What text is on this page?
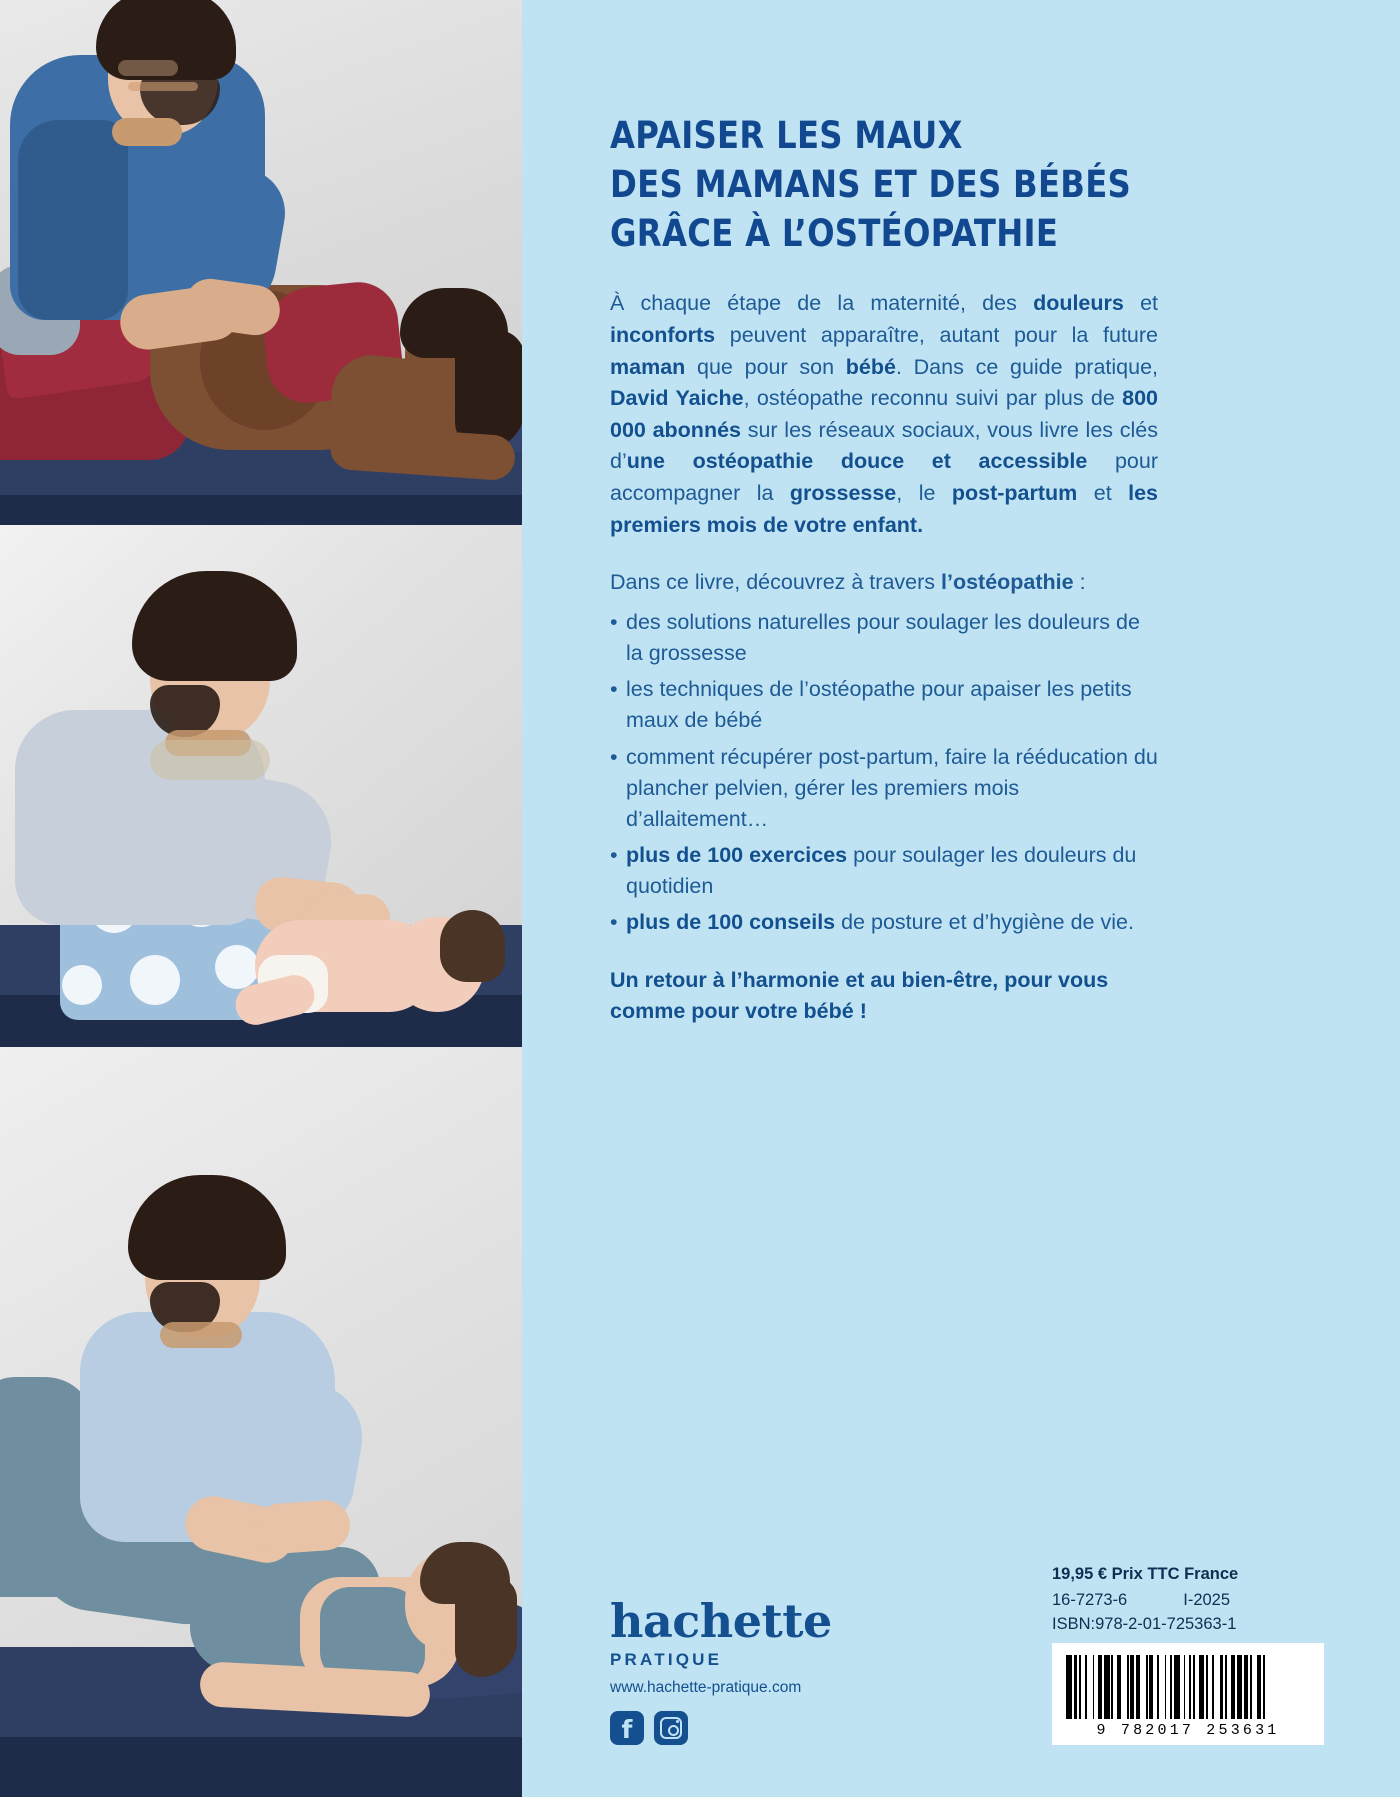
APAISER LES MAUX
DES MAMANS ET DES BÉBÉS
GRÂCE À L’OSTÉOPATHIE

À chaque étape de la maternité, des douleurs et inconforts peuvent apparaître, autant pour la future maman que pour son bébé. Dans ce guide pratique, David Yaiche, ostéopathe reconnu suivi par plus de 800 000 abonnés sur les réseaux sociaux, vous livre les clés d’une ostéopathie douce et accessible pour accompagner la grossesse, le post-partum et les premiers mois de votre enfant.

Dans ce livre, découvrez à travers l’ostéopathie :
• des solutions naturelles pour soulager les douleurs de la grossesse
• les techniques de l’ostéopathe pour apaiser les petits maux de bébé
• comment récupérer post-partum, faire la rééducation du plancher pelvien, gérer les premiers mois d’allaitement…
• plus de 100 exercices pour soulager les douleurs du quotidien
• plus de 100 conseils de posture et d’hygiène de vie.

Un retour à l’harmonie et au bien-être, pour vous comme pour votre bébé !

hachette
PRATIQUE
www.hachette-pratique.com
f
19,95 € Prix TTC France
16-7273-6	I-2025
ISBN:978-2-01-725363-1
9 782017 253631
